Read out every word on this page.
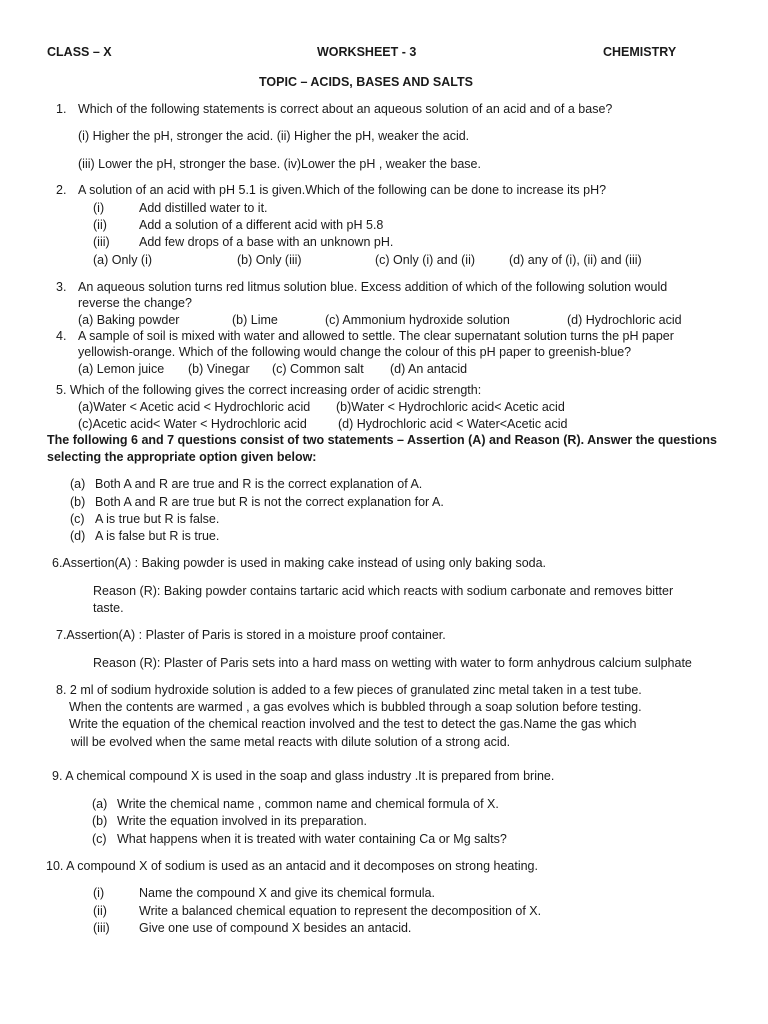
CLASS – X	WORKSHEET - 3	CHEMISTRY
TOPIC – ACIDS, BASES AND SALTS
1. Which of the following statements is correct about an aqueous solution of an acid and of a base?
(i) Higher the pH, stronger the acid. (ii) Higher the pH, weaker the acid.
(iii) Lower the pH, stronger the base. (iv)Lower the pH , weaker the base.
2. A solution of an acid with pH 5.1 is given.Which of the following can be done to increase its pH?
(i)	Add distilled water to it.
(ii)	Add a solution of a different acid with pH 5.8
(iii) Add few drops of a base with an unknown pH.
(a) Only (i)	(b) Only (iii)	(c) Only (i) and (ii)	(d) any of (i), (ii) and (iii)
3. An aqueous solution turns red litmus solution blue. Excess addition of which of the following solution would
reverse the change?
(a) Baking powder	(b) Lime	(c) Ammonium hydroxide solution	(d) Hydrochloric acid
4. A sample of soil is mixed with water and allowed to settle. The clear supernatant solution turns the pH paper
yellowish-orange. Which of the following would change the colour of this pH paper to greenish-blue?
(a) Lemon juice (b) Vinegar (c) Common salt (d) An antacid
5. Which of the following gives the correct increasing order of acidic strength:
(a)Water < Acetic acid < Hydrochloric acid (b)Water < Hydrochloric acid< Acetic acid
(c)Acetic acid< Water < Hydrochloric acid (d) Hydrochloric acid < Water<Acetic acid
The following 6 and 7 questions consist of two statements – Assertion (A) and Reason (R). Answer the questions
selecting the appropriate option given below:
(a) Both A and R are true and R is the correct explanation of A.
(b) Both A and R are true but R is not the correct explanation for A.
(c) A is true but R is false.
(d) A is false but R is true.
6.Assertion(A) : Baking powder is used in making cake instead of using only baking soda.
Reason (R): Baking powder contains tartaric acid which reacts with sodium carbonate and removes bitter
taste.
7.Assertion(A) : Plaster of Paris is stored in a moisture proof container.
Reason (R): Plaster of Paris sets into a hard mass on wetting with water to form anhydrous calcium sulphate
8. 2 ml of sodium hydroxide solution is added to a few pieces of granulated zinc metal taken in a test tube.
When the contents are warmed , a gas evolves which is bubbled through a soap solution before testing.
Write the equation of the chemical reaction involved and the test to detect the gas.Name the gas which
will be evolved when the same metal reacts with dilute solution of a strong acid.
9. A chemical compound X is used in the soap and glass industry .It is prepared from brine.
(a) Write the chemical name , common name and chemical formula of X.
(b) Write the equation involved in its preparation.
(c) What happens when it is treated with water containing Ca or Mg salts?
10. A compound X of sodium is used as an antacid and it decomposes on strong heating.
(i)	Name the compound X and give its chemical formula.
(ii)	Write a balanced chemical equation to represent the decomposition of X.
(iii) Give one use of compound X besides an antacid.
